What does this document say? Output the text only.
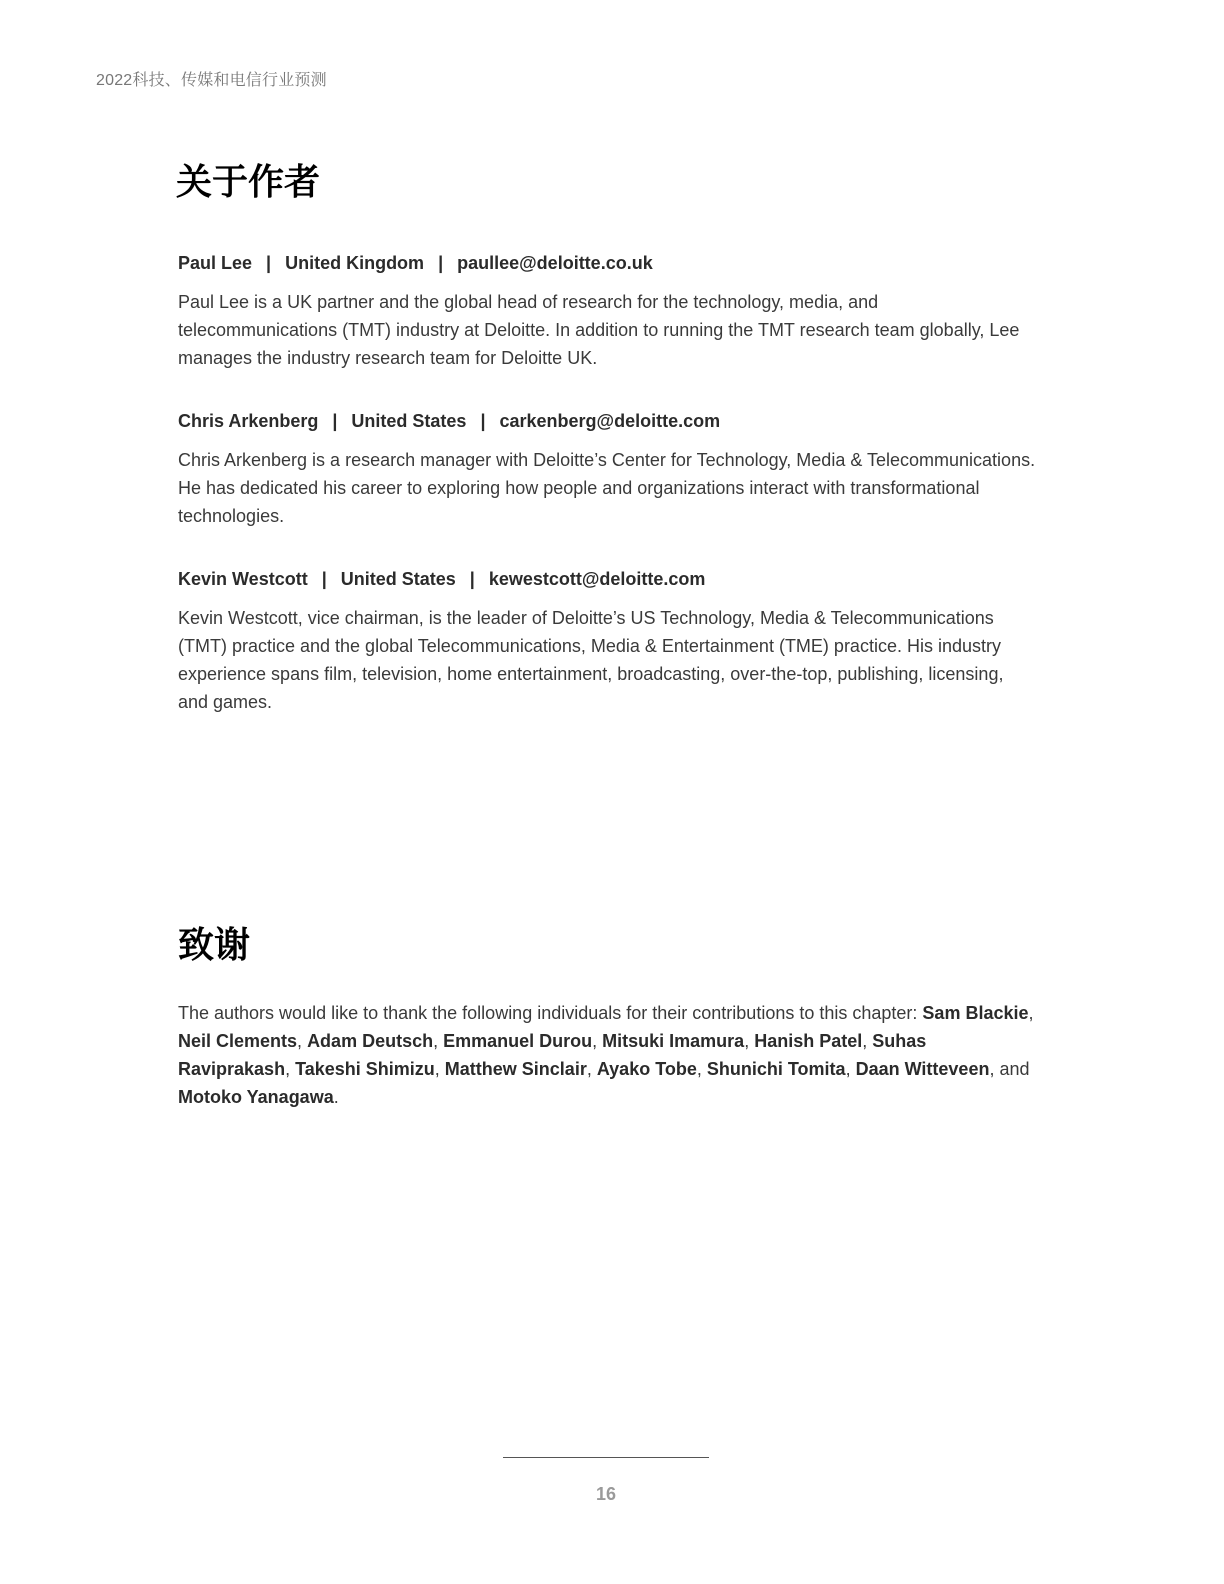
2022科技、传媒和电信行业预测
关于作者
Paul Lee | United Kingdom | paullee@deloitte.co.uk
Paul Lee is a UK partner and the global head of research for the technology, media, and telecommunications (TMT) industry at Deloitte. In addition to running the TMT research team globally, Lee manages the industry research team for Deloitte UK.
Chris Arkenberg | United States | carkenberg@deloitte.com
Chris Arkenberg is a research manager with Deloitte’s Center for Technology, Media & Telecommunications. He has dedicated his career to exploring how people and organizations interact with transformational technologies.
Kevin Westcott | United States | kewestcott@deloitte.com
Kevin Westcott, vice chairman, is the leader of Deloitte’s US Technology, Media & Telecommunications (TMT) practice and the global Telecommunications, Media & Entertainment (TME) practice. His industry experience spans film, television, home entertainment, broadcasting, over-the-top, publishing, licensing, and games.
致谢
The authors would like to thank the following individuals for their contributions to this chapter: Sam Blackie, Neil Clements, Adam Deutsch, Emmanuel Durou, Mitsuki Imamura, Hanish Patel, Suhas Raviprakash, Takeshi Shimizu, Matthew Sinclair, Ayako Tobe, Shunichi Tomita, Daan Witteveen, and Motoko Yanagawa.
16
